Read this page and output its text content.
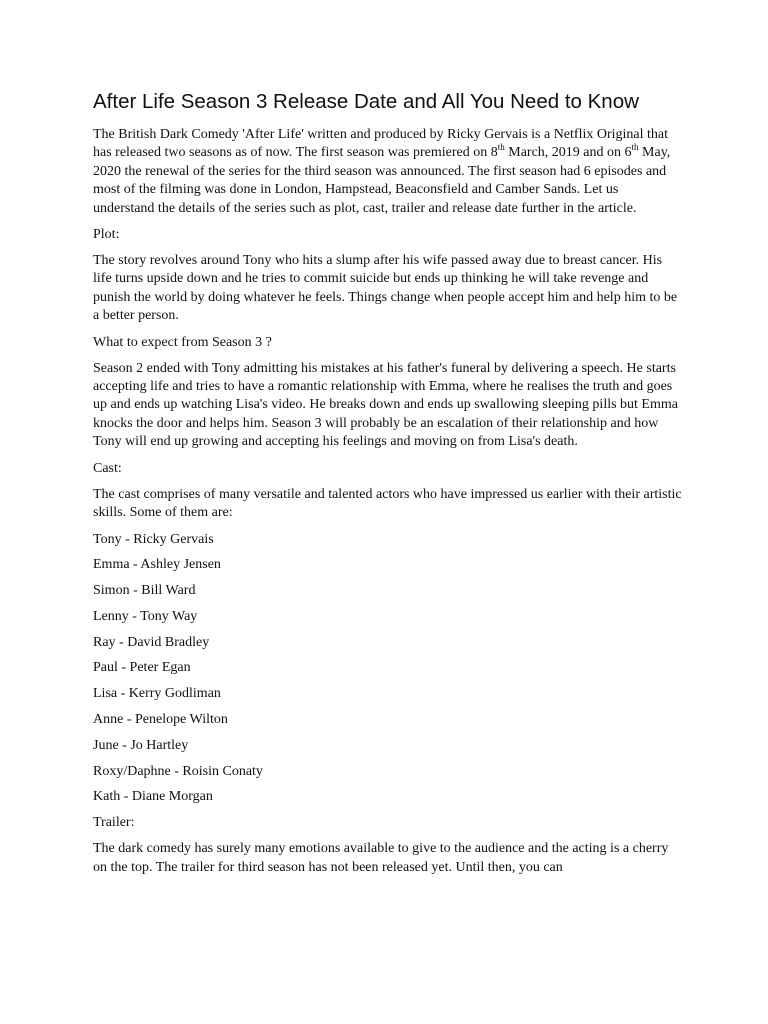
After Life Season 3 Release Date and All You Need to Know

The British Dark Comedy 'After Life' written and produced by Ricky Gervais is a Netflix Original that has released two seasons as of now. The first season was premiered on 8th March, 2019 and on 6th May, 2020 the renewal of the series for the third season was announced. The first season had 6 episodes and most of the filming was done in London, Hampstead, Beaconsfield and Camber Sands. Let us understand the details of the series such as plot, cast, trailer and release date further in the article.

Plot:

The story revolves around Tony who hits a slump after his wife passed away due to breast cancer. His life turns upside down and he tries to commit suicide but ends up thinking he will take revenge and punish the world by doing whatever he feels. Things change when people accept him and help him to be a better person.

What to expect from Season 3 ?

Season 2 ended with Tony admitting his mistakes at his father's funeral by delivering a speech. He starts accepting life and tries to have a romantic relationship with Emma, where he realises the truth and goes up and ends up watching Lisa's video. He breaks down and ends up swallowing sleeping pills but Emma knocks the door and helps him. Season 3 will probably be an escalation of their relationship and how Tony will end up growing and accepting his feelings and moving on from Lisa's death.

Cast:

The cast comprises of many versatile and talented actors who have impressed us earlier with their artistic skills. Some of them are:

Tony - Ricky Gervais
Emma - Ashley Jensen
Simon - Bill Ward
Lenny - Tony Way
Ray - David Bradley
Paul - Peter Egan
Lisa - Kerry Godliman
Anne - Penelope Wilton
June - Jo Hartley
Roxy/Daphne - Roisin Conaty
Kath - Diane Morgan

Trailer:

The dark comedy has surely many emotions available to give to the audience and the acting is a cherry on the top. The trailer for third season has not been released yet. Until then, you can
